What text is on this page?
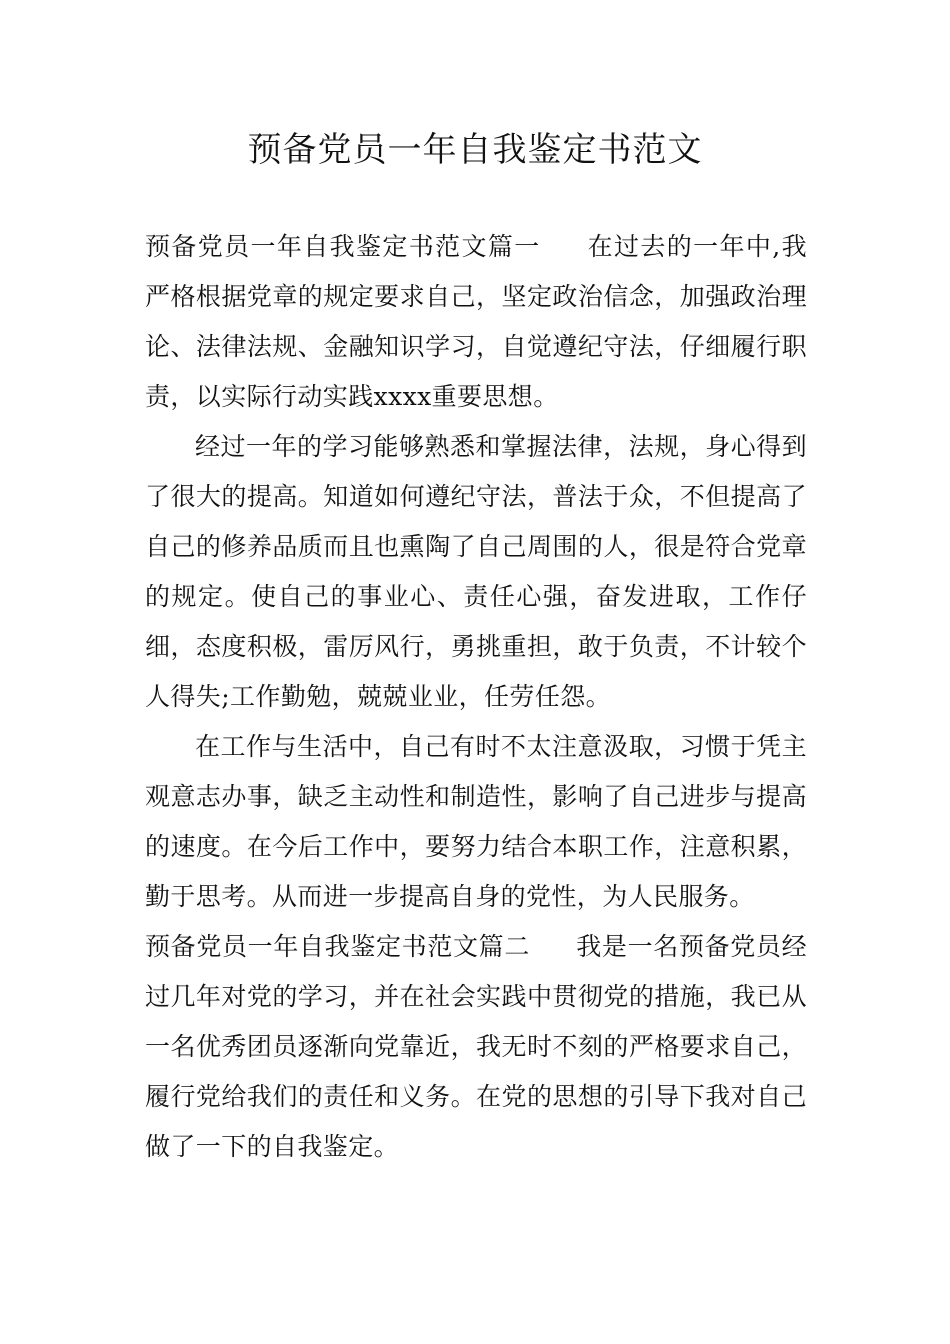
预备党员一年自我鉴定书范文

预备党员一年自我鉴定书范文篇一 在过去的一年中,我严格根据党章的规定要求自己，坚定政治信念，加强政治理论、法律法规、金融知识学习，自觉遵纪守法，仔细履行职责，以实际行动实践xxxx重要思想。

经过一年的学习能够熟悉和掌握法律，法规，身心得到了很大的提高。知道如何遵纪守法，普法于众，不但提高了自己的修养品质而且也熏陶了自己周围的人，很是符合党章的规定。使自己的事业心、责任心强，奋发进取，工作仔细，态度积极，雷厉风行，勇挑重担，敢于负责，不计较个人得失;工作勤勉，兢兢业业，任劳任怨。

在工作与生活中，自己有时不太注意汲取，习惯于凭主观意志办事，缺乏主动性和制造性，影响了自己进步与提高的速度。在今后工作中，要努力结合本职工作，注意积累，勤于思考。从而进一步提高自身的党性，为人民服务。

预备党员一年自我鉴定书范文篇二 我是一名预备党员经过几年对党的学习，并在社会实践中贯彻党的措施，我已从一名优秀团员逐渐向党靠近，我无时不刻的严格要求自己，履行党给我们的责任和义务。在党的思想的引导下我对自己做了一下的自我鉴定。
